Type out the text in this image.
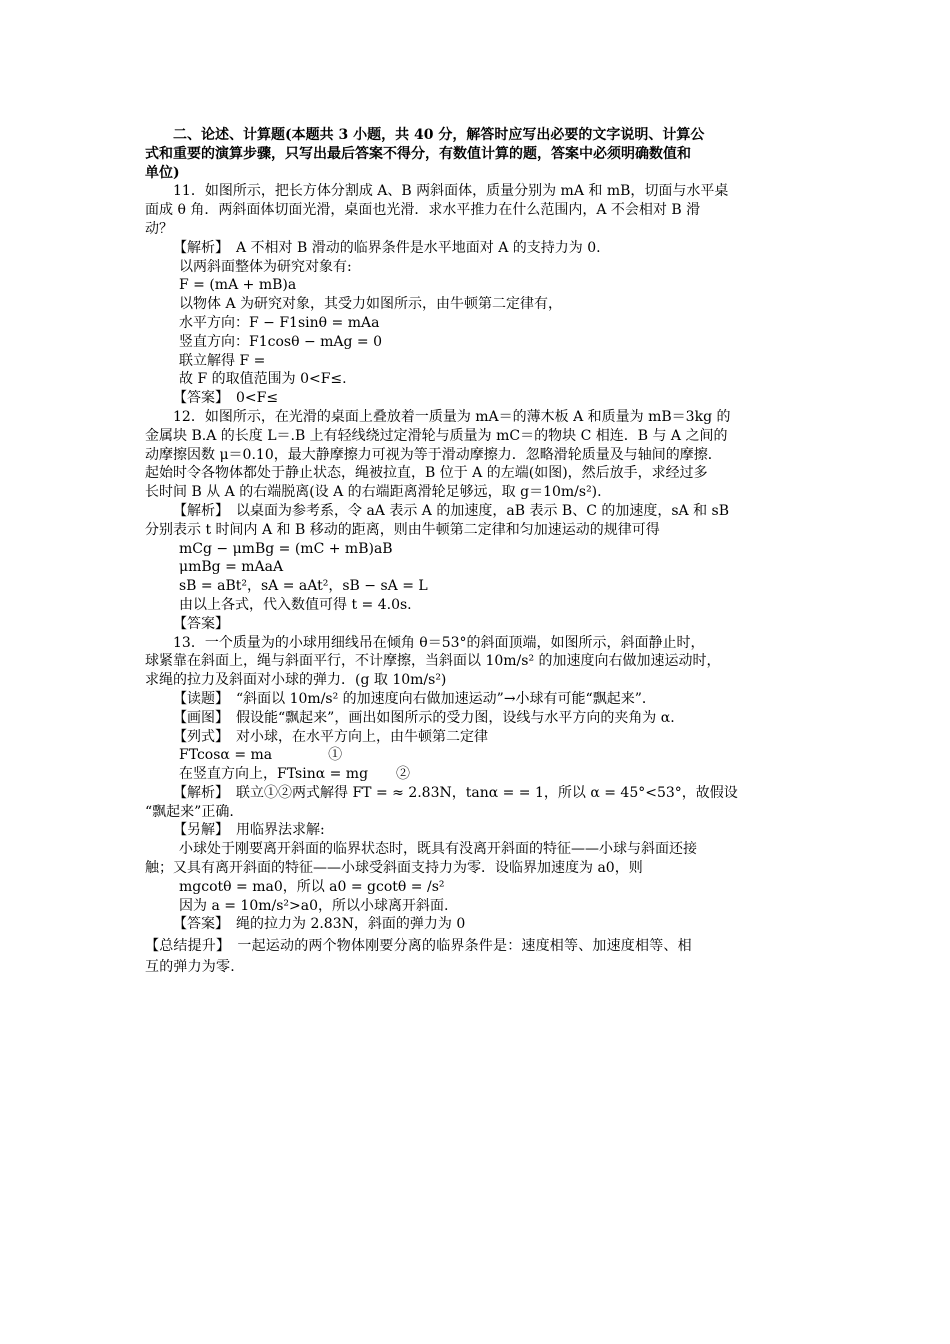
二、论述、计算题(本题共 3 小题，共 40 分，解答时应写出必要的文字说明、计算公
式和重要的演算步骤，只写出最后答案不得分，有数值计算的题，答案中必须明确数值和
单位)
11．如图所示，把长方体分割成 A、B 两斜面体，质量分别为 mA 和 mB，切面与水平桌
面成 θ 角．两斜面体切面光滑，桌面也光滑．求水平推力在什么范围内，A 不会相对 B 滑
动？
【解析】　A 不相对 B 滑动的临界条件是水平地面对 A 的支持力为 0.
以两斜面整体为研究对象有:
F = (mA + mB)a
以物体 A 为研究对象，其受力如图所示，由牛顿第二定律有，
水平方向：F − F1sinθ = mAa
竖直方向：F1cosθ − mAg = 0
联立解得 F =
故 F 的取值范围为 0<F≤.
【答案】　0<F≤
12．如图所示，在光滑的桌面上叠放着一质量为 mA＝的薄木板 A 和质量为 mB＝3kg 的
金属块 B.A 的长度 L＝.B 上有轻线绕过定滑轮与质量为 mC＝的物块 C 相连．B 与 A 之间的
动摩擦因数 μ＝0.10，最大静摩擦力可视为等于滑动摩擦力．忽略滑轮质量及与轴间的摩擦．
起始时令各物体都处于静止状态，绳被拉直，B 位于 A 的左端(如图)，然后放手，求经过多
长时间 B 从 A 的右端脱离(设 A 的右端距离滑轮足够远，取 g＝10m/s²).
【解析】　以桌面为参考系，令 aA 表示 A 的加速度，aB 表示 B、C 的加速度，sA 和 sB
分别表示 t 时间内 A 和 B 移动的距离，则由牛顿第二定律和匀加速运动的规律可得
mCg − μmBg = (mC + mB)aB
μmBg = mAaA
sB = aBt²，sA = aAt²，sB − sA = L
由以上各式，代入数值可得 t = 4.0s.
【答案】
13．一个质量为的小球用细线吊在倾角 θ＝53°的斜面顶端，如图所示，斜面静止时，
球紧靠在斜面上，绳与斜面平行，不计摩擦，当斜面以 10m/s² 的加速度向右做加速运动时，
求绳的拉力及斜面对小球的弹力．(g 取 10m/s²)
【读题】　“斜面以 10m/s² 的加速度向右做加速运动”→小球有可能“飘起来”．
【画图】　假设能“飘起来”，画出如图所示的受力图，设线与水平方向的夹角为 α.
【列式】　对小球，在水平方向上，由牛顿第二定律
FTcosα = ma　　　　①
在竖直方向上，FTsinα = mg　　②
【解析】　联立①②两式解得 FT = ≈ 2.83N，tanα = = 1，所以 α = 45°<53°，故假设
“飘起来”正确.
【另解】　用临界法求解:
小球处于刚要离开斜面的临界状态时，既具有没离开斜面的特征——小球与斜面还接
触；又具有离开斜面的特征——小球受斜面支持力为零．设临界加速度为 a0，则
mgcotθ = ma0，所以 a0 = gcotθ = /s²
因为 a = 10m/s²>a0，所以小球离开斜面.
【答案】　绳的拉力为 2.83N，斜面的弹力为 0
【总结提升】　一起运动的两个物体刚要分离的临界条件是：速度相等、加速度相等、相
互的弹力为零.
